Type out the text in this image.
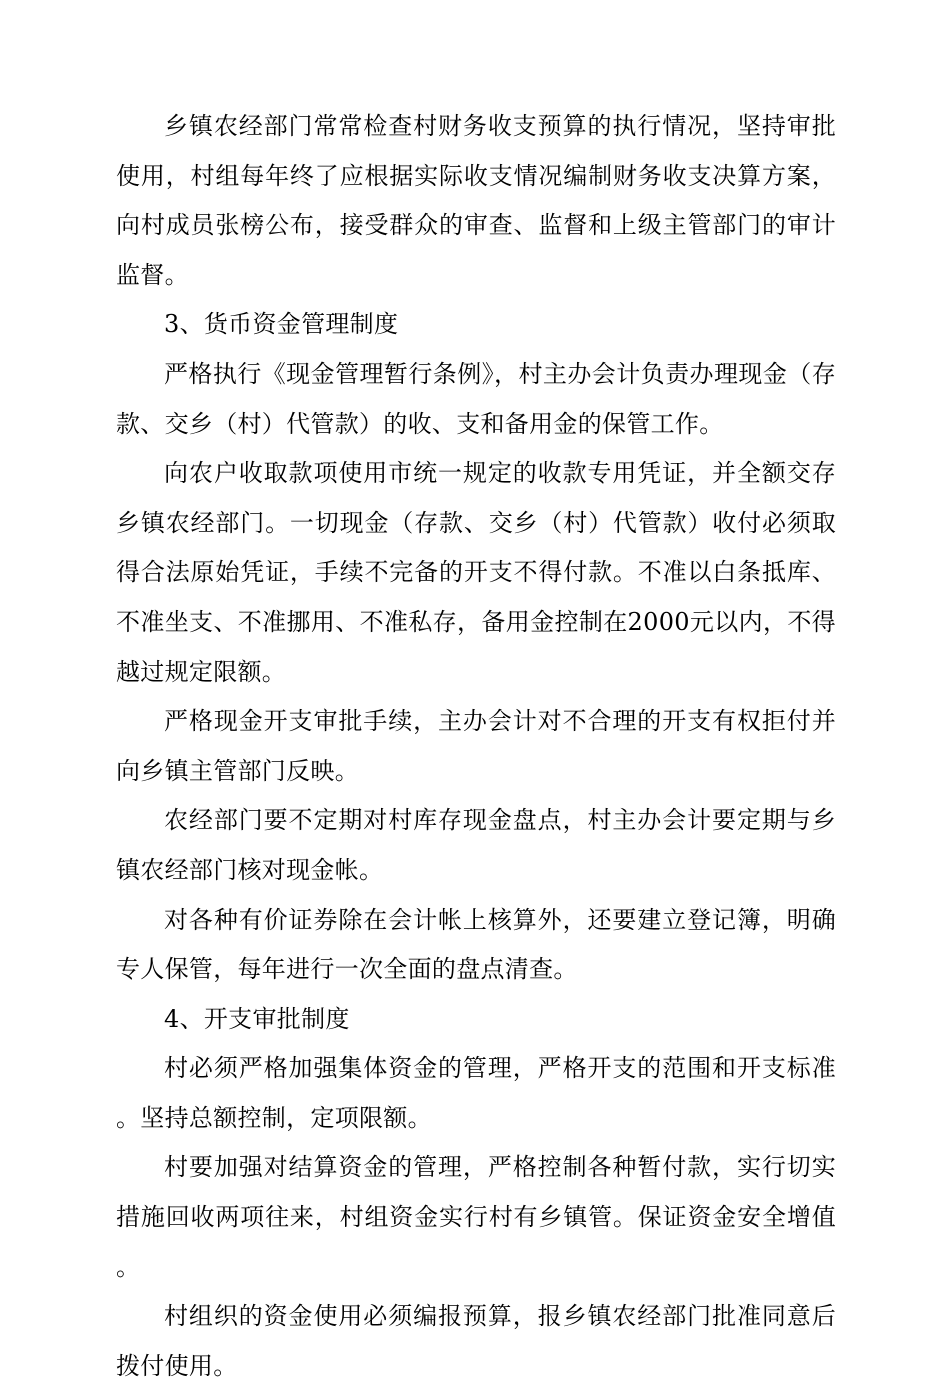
乡镇农经部门常常检查村财务收支预算的执行情况，坚持审批使用，村组每年终了应根据实际收支情况编制财务收支决算方案，向村成员张榜公布，接受群众的审查、监督和上级主管部门的审计监督。

3、货币资金管理制度

严格执行《现金管理暂行条例》，村主办会计负责办理现金（存款、交乡（村）代管款）的收、支和备用金的保管工作。

向农户收取款项使用市统一规定的收款专用凭证，并全额交存乡镇农经部门。一切现金（存款、交乡（村）代管款）收付必须取得合法原始凭证，手续不完备的开支不得付款。不准以白条抵库、不准坐支、不准挪用、不准私存，备用金控制在2000元以内，不得越过规定限额。

严格现金开支审批手续，主办会计对不合理的开支有权拒付并向乡镇主管部门反映。

农经部门要不定期对村库存现金盘点，村主办会计要定期与乡镇农经部门核对现金帐。

对各种有价证券除在会计帐上核算外，还要建立登记簿，明确专人保管，每年进行一次全面的盘点清查。

4、开支审批制度

村必须严格加强集体资金的管理，严格开支的范围和开支标准。坚持总额控制，定项限额。

村要加强对结算资金的管理，严格控制各种暂付款，实行切实措施回收两项往来，村组资金实行村有乡镇管。保证资金安全增值。

村组织的资金使用必须编报预算，报乡镇农经部门批准同意后拨付使用。
